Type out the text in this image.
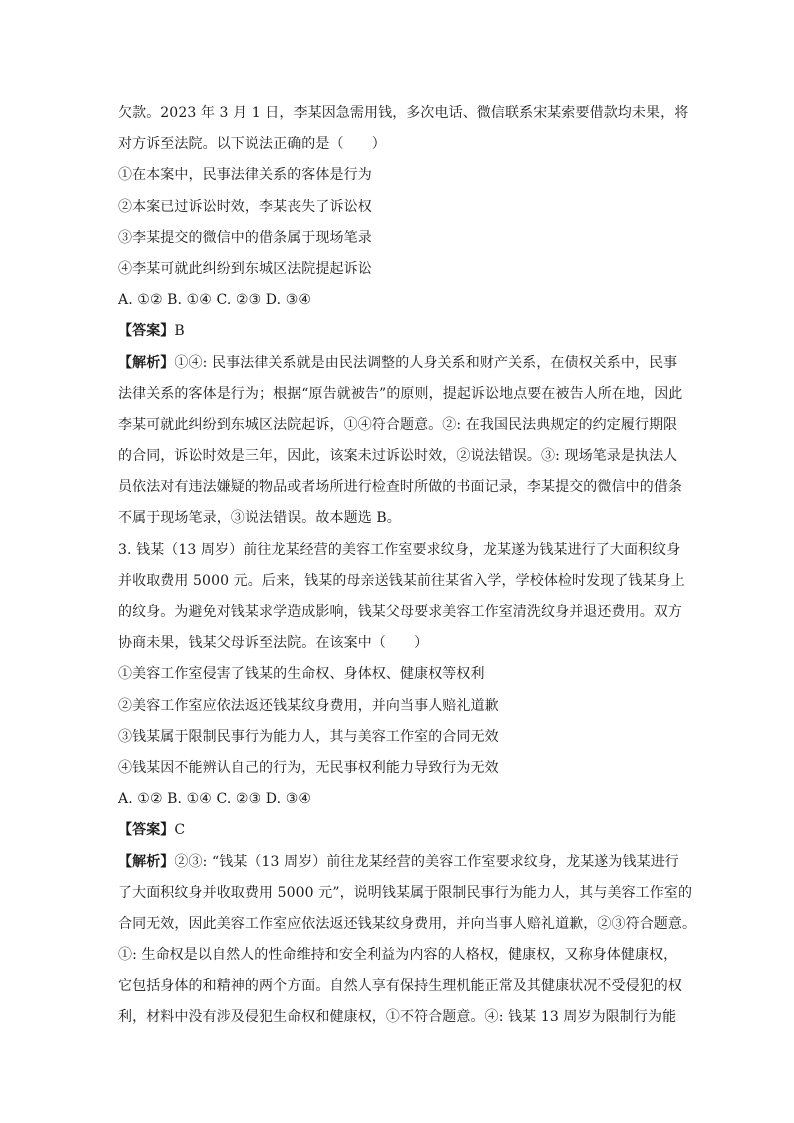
欠款。2023 年 3 月 1 日，李某因急需用钱，多次电话、微信联系宋某索要借款均未果，将
对方诉至法院。以下说法正确的是（　　）
①在本案中，民事法律关系的客体是行为
②本案已过诉讼时效，李某丧失了诉讼权
③李某提交的微信中的借条属于现场笔录
④李某可就此纠纷到东城区法院提起诉讼
A. ①② B. ①④ C. ②③ D. ③④
【答案】B
【解析】①④: 民事法律关系就是由民法调整的人身关系和财产关系，在债权关系中，民事
法律关系的客体是行为；根据“原告就被告”的原则，提起诉讼地点要在被告人所在地，因此
李某可就此纠纷到东城区法院起诉，①④符合题意。②: 在我国民法典规定的约定履行期限
的合同，诉讼时效是三年，因此，该案未过诉讼时效，②说法错误。③: 现场笔录是执法人
员依法对有违法嫌疑的物品或者场所进行检查时所做的书面记录，李某提交的微信中的借条
不属于现场笔录，③说法错误。故本题选 B。
3. 钱某（13 周岁）前往龙某经营的美容工作室要求纹身，龙某遂为钱某进行了大面积纹身
并收取费用 5000 元。后来，钱某的母亲送钱某前往某省入学，学校体检时发现了钱某身上
的纹身。为避免对钱某求学造成影响，钱某父母要求美容工作室清洗纹身并退还费用。双方
协商未果，钱某父母诉至法院。在该案中（　　）
①美容工作室侵害了钱某的生命权、身体权、健康权等权利
②美容工作室应依法返还钱某纹身费用，并向当事人赔礼道歉
③钱某属于限制民事行为能力人，其与美容工作室的合同无效
④钱某因不能辨认自己的行为，无民事权利能力导致行为无效
A. ①② B. ①④ C. ②③ D. ③④
【答案】C
【解析】②③: “钱某（13 周岁）前往龙某经营的美容工作室要求纹身，龙某遂为钱某进行
了大面积纹身并收取费用 5000 元”，说明钱某属于限制民事行为能力人，其与美容工作室的
合同无效，因此美容工作室应依法返还钱某纹身费用，并向当事人赔礼道歉，②③符合题意。
①: 生命权是以自然人的性命维持和安全利益为内容的人格权，健康权，又称身体健康权，
它包括身体的和精神的两个方面。自然人享有保持生理机能正常及其健康状况不受侵犯的权
利，材料中没有涉及侵犯生命权和健康权，①不符合题意。④: 钱某 13 周岁为限制行为能
